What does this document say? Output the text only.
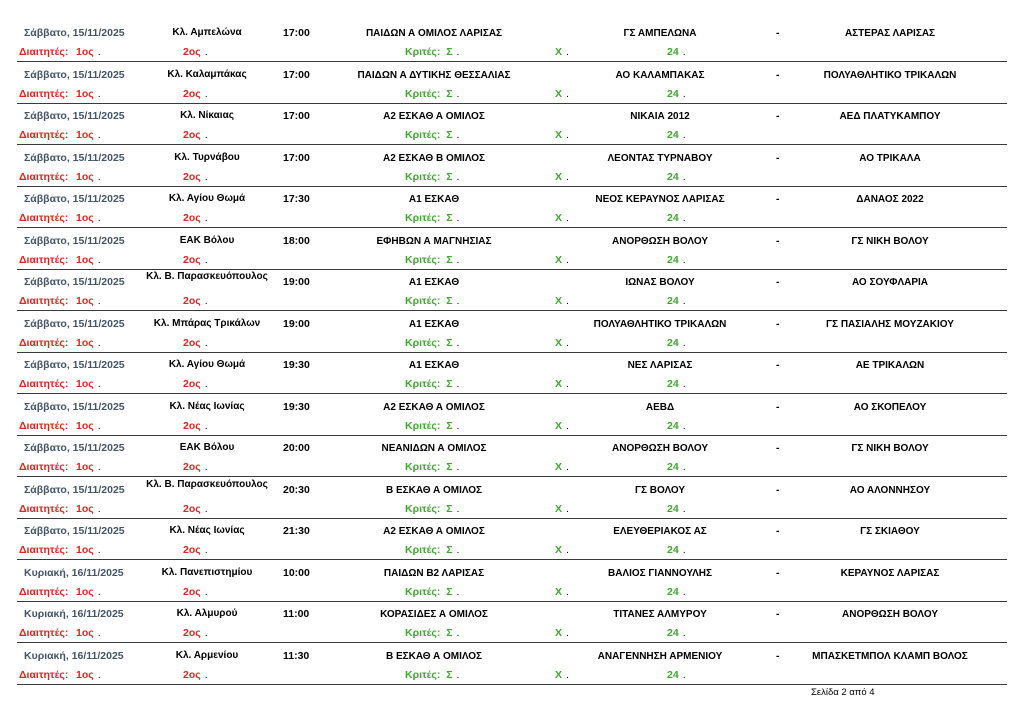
Σάββατο, 15/11/2025	Κλ. Αμπελώνα	17:00	ΠΑΙΔΩΝ Α ΟΜΙΛΟΣ ΛΑΡΙΣΑΣ	ΓΣ ΑΜΠΕΛΩΝΑ	-	ΑΣΤΕΡΑΣ ΛΑΡΙΣΑΣ
Διαιτητές: 1ος .	2ος .	Κριτές: Σ .	Χ .	24 .
Σάββατο, 15/11/2025	Κλ. Καλαμπάκας	17:00	ΠΑΙΔΩΝ Α ΔΥΤΙΚΗΣ ΘΕΣΣΑΛΙΑΣ	ΑΟ ΚΑΛΑΜΠΑΚΑΣ	-	ΠΟΛΥΑΘΛΗΤΙΚΟ ΤΡΙΚΑΛΩΝ
Διαιτητές: 1ος .	2ος .	Κριτές: Σ .	Χ .	24 .
Σάββατο, 15/11/2025	Κλ. Νίκαιας	17:00	Α2 ΕΣΚΑΘ Α ΟΜΙΛΟΣ	ΝΙΚΑΙΑ 2012	-	ΑΕΔ ΠΛΑΤΥΚΑΜΠΟΥ
Διαιτητές: 1ος .	2ος .	Κριτές: Σ .	Χ .	24 .
Σάββατο, 15/11/2025	Κλ. Τυρνάβου	17:00	Α2 ΕΣΚΑΘ Β ΟΜΙΛΟΣ	ΛΕΟΝΤΑΣ ΤΥΡΝΑΒΟΥ	-	ΑΟ ΤΡΙΚΑΛΑ
Διαιτητές: 1ος .	2ος .	Κριτές: Σ .	Χ .	24 .
Σάββατο, 15/11/2025	Κλ. Αγίου Θωμά	17:30	Α1 ΕΣΚΑΘ	ΝΕΟΣ ΚΕΡΑΥΝΟΣ ΛΑΡΙΣΑΣ	-	ΔΑΝΑΟΣ 2022
Διαιτητές: 1ος .	2ος .	Κριτές: Σ .	Χ .	24 .
Σάββατο, 15/11/2025	ΕΑΚ Βόλου	18:00	ΕΦΗΒΩΝ Α ΜΑΓΝΗΣΙΑΣ	ΑΝΟΡΘΩΣΗ ΒΟΛΟΥ	-	ΓΣ ΝΙΚΗ ΒΟΛΟΥ
Διαιτητές: 1ος .	2ος .	Κριτές: Σ .	Χ .	24 .
Σάββατο, 15/11/2025	Κλ. Β. Παρασκευόπουλος	19:00	Α1 ΕΣΚΑΘ	ΙΩΝΑΣ ΒΟΛΟΥ	-	ΑΟ ΣΟΥΦΛΑΡΙΑ
Διαιτητές: 1ος .	2ος .	Κριτές: Σ .	Χ .	24 .
Σάββατο, 15/11/2025	Κλ. Μπάρας Τρικάλων	19:00	Α1 ΕΣΚΑΘ	ΠΟΛΥΑΘΛΗΤΙΚΟ ΤΡΙΚΑΛΩΝ	-	ΓΣ ΠΑΣΙΑΛΗΣ ΜΟΥΖΑΚΙΟΥ
Διαιτητές: 1ος .	2ος .	Κριτές: Σ .	Χ .	24 .
Σάββατο, 15/11/2025	Κλ. Αγίου Θωμά	19:30	Α1 ΕΣΚΑΘ	ΝΕΣ ΛΑΡΙΣΑΣ	-	ΑΕ ΤΡΙΚΑΛΩΝ
Διαιτητές: 1ος .	2ος .	Κριτές: Σ .	Χ .	24 .
Σάββατο, 15/11/2025	Κλ. Νέας Ιωνίας	19:30	Α2 ΕΣΚΑΘ Α ΟΜΙΛΟΣ	ΑΕΒΔ	-	ΑΟ ΣΚΟΠΕΛΟΥ
Διαιτητές: 1ος .	2ος .	Κριτές: Σ .	Χ .	24 .
Σάββατο, 15/11/2025	ΕΑΚ Βόλου	20:00	ΝΕΑΝΙΔΩΝ Α ΟΜΙΛΟΣ	ΑΝΟΡΘΩΣΗ ΒΟΛΟΥ	-	ΓΣ ΝΙΚΗ ΒΟΛΟΥ
Διαιτητές: 1ος .	2ος .	Κριτές: Σ .	Χ .	24 .
Σάββατο, 15/11/2025	Κλ. Β. Παρασκευόπουλος	20:30	Β ΕΣΚΑΘ Α ΟΜΙΛΟΣ	ΓΣ ΒΟΛΟΥ	-	ΑΟ ΑΛΟΝΝΗΣΟΥ
Διαιτητές: 1ος .	2ος .	Κριτές: Σ .	Χ .	24 .
Σάββατο, 15/11/2025	Κλ. Νέας Ιωνίας	21:30	Α2 ΕΣΚΑΘ Α ΟΜΙΛΟΣ	ΕΛΕΥΘΕΡΙΑΚΟΣ ΑΣ	-	ΓΣ ΣΚΙΑΘΟΥ
Διαιτητές: 1ος .	2ος .	Κριτές: Σ .	Χ .	24 .
Κυριακή, 16/11/2025	Κλ. Πανεπιστημίου	10:00	ΠΑΙΔΩΝ Β2 ΛΑΡΙΣΑΣ	ΒΑΛΙΟΣ ΓΙΑΝΝΟΥΛΗΣ	-	ΚΕΡΑΥΝΟΣ ΛΑΡΙΣΑΣ
Διαιτητές: 1ος .	2ος .	Κριτές: Σ .	Χ .	24 .
Κυριακή, 16/11/2025	Κλ. Αλμυρού	11:00	ΚΟΡΑΣΙΔΕΣ Α ΟΜΙΛΟΣ	ΤΙΤΑΝΕΣ ΑΛΜΥΡΟΥ	-	ΑΝΟΡΘΩΣΗ ΒΟΛΟΥ
Διαιτητές: 1ος .	2ος .	Κριτές: Σ .	Χ .	24 .
Κυριακή, 16/11/2025	Κλ. Αρμενίου	11:30	Β ΕΣΚΑΘ Α ΟΜΙΛΟΣ	ΑΝΑΓΕΝΝΗΣΗ ΑΡΜΕΝΙΟΥ	-	ΜΠΑΣΚΕΤΜΠΟΛ ΚΛΑΜΠ ΒΟΛΟΣ
Διαιτητές: 1ος .	2ος .	Κριτές: Σ .	Χ .	24 .
Σελίδα 2 από 4
